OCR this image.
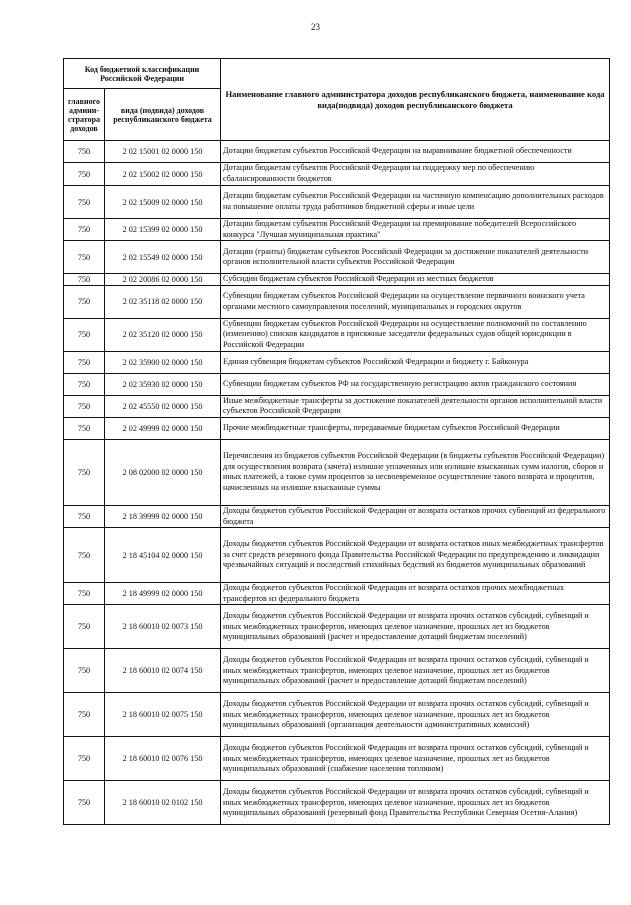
23
Код бюджетной классификации Российской Федерации		Наименование главного администратора доходов республиканского бюджета, наименование кода вида(подвида) доходов республиканского бюджета
главного админи-стратора доходов	вида (подвида) доходов республиканского бюджета	
750	2 02 15001 02 0000 150	Дотации бюджетам субъектов Российской Федерации на выравнивание бюджетной обеспеченности
750	2 02 15002 02 0000 150	Дотации бюджетам субъектов Российской Федерации на поддержку мер по обеспечению сбалансированности бюджетов
750	2 02 15009 02 0000 150	Дотации бюджетам субъектов Российской Федерации на частичную компенсацию дополнительных расходов на повышение оплаты труда работников бюджетной сферы и иные цели
750	2 02 15399 02 0000 150	Дотации бюджетам субъектов Российской Федерации на премирование победителей Всероссийского конкурса "Лучшая муниципальная практика"
750	2 02 15549 02 0000 150	Дотации (гранты) бюджетам субъектов Российской Федерации за достижение показателей деятельности органов исполнительной власти субъектов Российской Федерации
750	2 02 20086 02 0000 150	Субсидии бюджетам субъектов Российской Федерации из местных бюджетов
750	2 02 35118 02 0000 150	Субвенции бюджетам субъектов Российской Федерации на осуществление первичного воинского учета органами местного самоуправления поселений, муниципальных и городских округов
750	2 02 35120 02 0000 150	Субвенции бюджетам субъектов Российской Федерации на осуществление полномочий по составлению (изменению) списков кандидатов в присяжные заседатели федеральных судов общей юрисдикции в Российской Федерации
750	2 02 35900 02 0000 150	Единая субвенция бюджетам субъектов Российской Федерации и бюджету г. Байконура
750	2 02 35930 02 0000 150	Субвенции бюджетам субъектов РФ на государственную регистрацию актов гражданского состояния
750	2 02 45550 02 0000 150	Иные межбюджетные трансферты за достижение показателей деятельности органов исполнительной власти субъектов Российской Федерации
750	2 02 49999 02 0000 150	Прочие межбюджетные трансферты, передаваемые бюджетам субъектов Российской Федерации
750	2 08 02000 02 0000 150	Перечисления из бюджетов субъектов Российской Федерации (в бюджеты субъектов Российской Федерации) для осуществления возврата (зачета) излишне уплаченных или излишне взысканных сумм налогов, сборов и иных платежей, а также сумм процентов за несвоевременное осуществление такого возврата и процентов, начисленных на излишне взысканные суммы
750	2 18 39999 02 0000 150	Доходы бюджетов субъектов Российской Федерации от возврата остатков прочих субвенций из федерального бюджета
750	2 18 45104 02 0000 150	Доходы бюджетов субъектов Российской Федерации от возврата остатков иных межбюджетных трансфертов за счет средств резервного фонда Правительства Российской Федерации по предупреждению и ликвидации чрезвычайных ситуаций и последствий стихийных бедствий из бюджетов муниципальных образований
750	2 18 49999 02 0000 150	Доходы бюджетов субъектов Российской Федерации от возврата остатков прочих межбюджетных трансфертов из федерального бюджета
750	2 18 60010 02 0073 150	Доходы бюджетов субъектов Российской Федерации от возврата прочих остатков субсидий, субвенций и иных межбюджетных трансфертов, имеющих целевое назначение, прошлых лет из бюджетов муниципальных образований (расчет и предоставление дотаций бюджетам поселений)
750	2 18 60010 02 0074 150	Доходы бюджетов субъектов Российской Федерации от возврата прочих остатков субсидий, субвенций и иных межбюджетных трансфертов, имеющих целевое назначение, прошлых лет из бюджетов муниципальных образований (расчет и предоставление дотаций бюджетам поселений)
750	2 18 60010 02 0075 150	Доходы бюджетов субъектов Российской Федерации от возврата прочих остатков субсидий, субвенций и иных межбюджетных трансфертов, имеющих целевое назначение, прошлых лет из бюджетов муниципальных образований (организация деятельности административных комиссий)
750	2 18 60010 02 0076 150	Доходы бюджетов субъектов Российской Федерации от возврата прочих остатков субсидий, субвенций и иных межбюджетных трансфертов, имеющих целевое назначение, прошлых лет из бюджетов муниципальных образований (снабжение населения топливом)
750	2 18 60010 02 0102 150	Доходы бюджетов субъектов Российской Федерации от возврата прочих остатков субсидий, субвенций и иных межбюджетных трансфертов, имеющих целевое назначение, прошлых лет из бюджетов муниципальных образований (резервный фонд Правительства Республики Северная Осетия-Алания)
